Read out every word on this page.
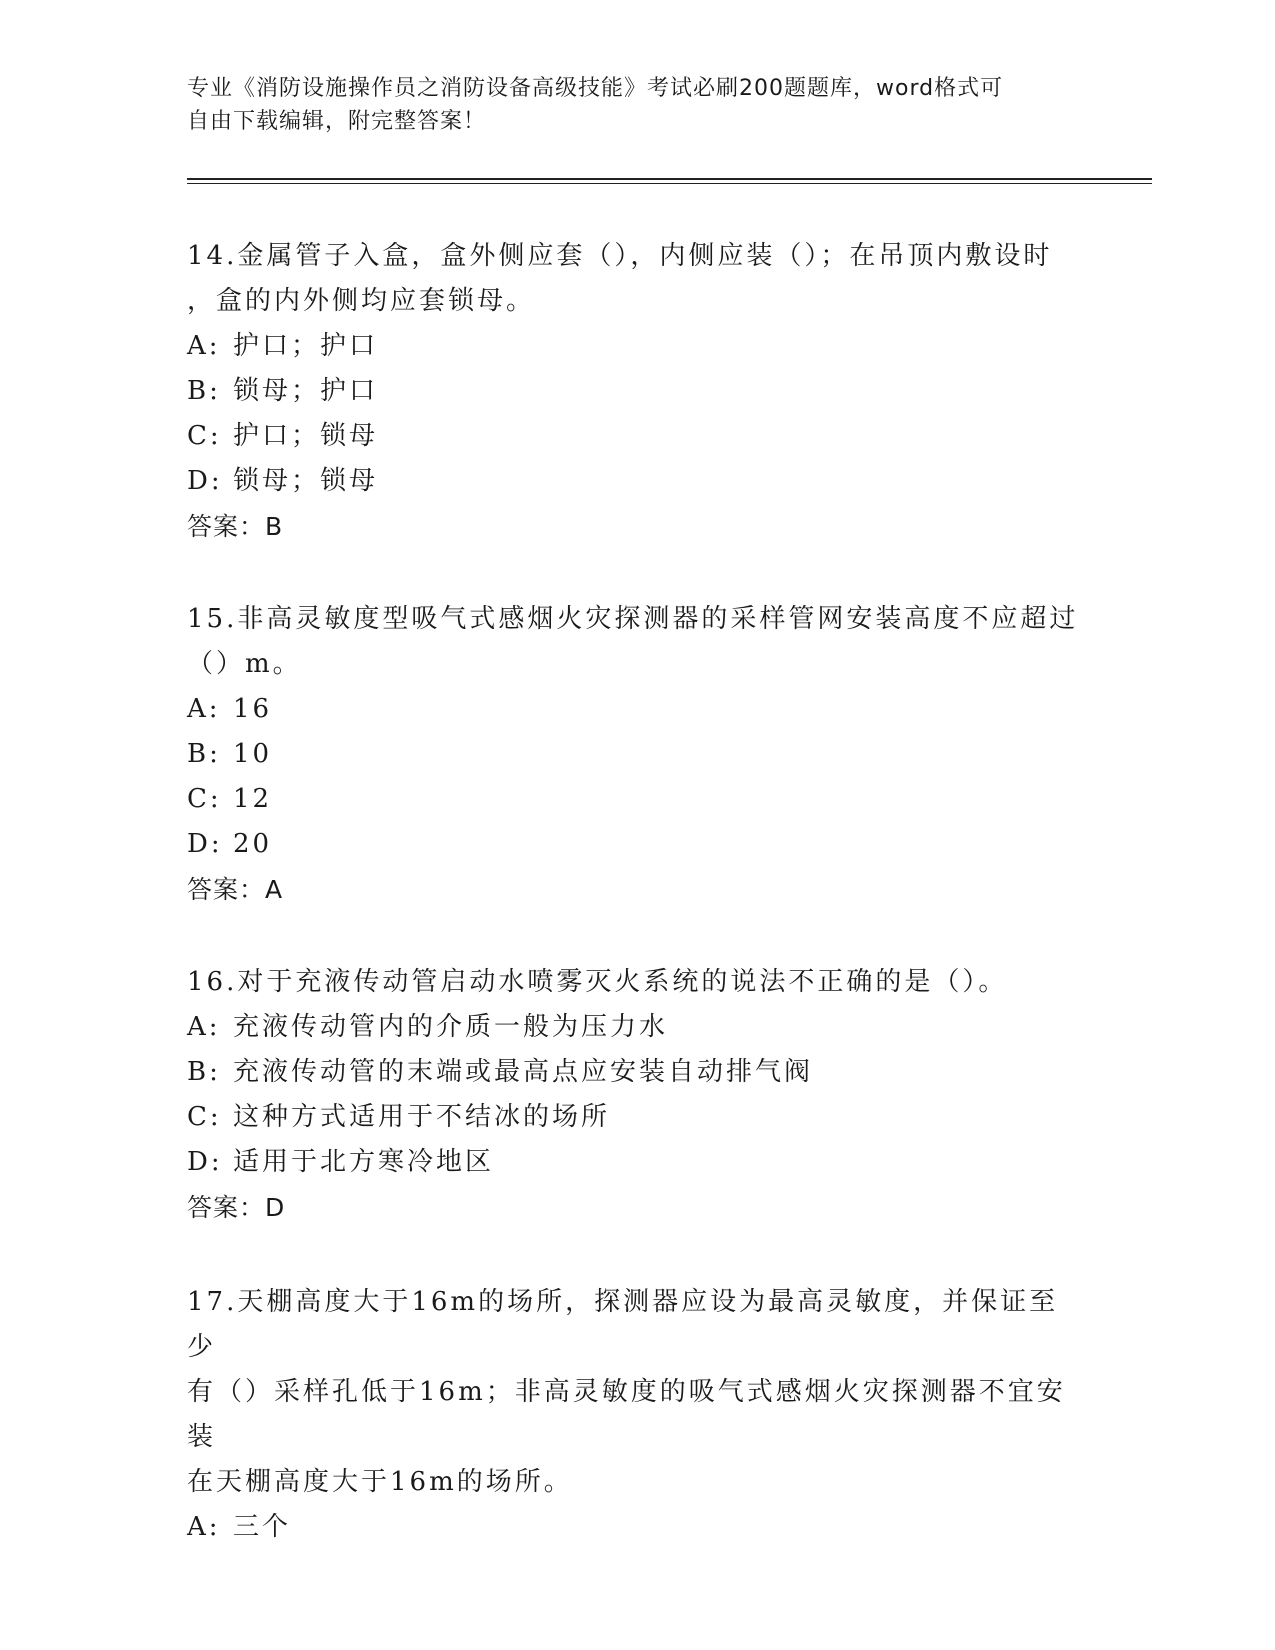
专业《消防设施操作员之消防设备高级技能》考试必刷200题题库，word格式可
自由下载编辑，附完整答案！

14.金属管子入盒，盒外侧应套（），内侧应装（）；在吊顶内敷设时

，盒的内外侧均应套锁母。

A: 护口；护口

B: 锁母；护口

C: 护口；锁母

D: 锁母；锁母

答案：B

15.非高灵敏度型吸气式感烟火灾探测器的采样管网安装高度不应超过

（）m。

A: 16

B: 10

C: 12

D: 20

答案：A

16.对于充液传动管启动水喷雾灭火系统的说法不正确的是（）。

A: 充液传动管内的介质一般为压力水

B: 充液传动管的末端或最高点应安装自动排气阀

C: 这种方式适用于不结冰的场所

D: 适用于北方寒冷地区

答案：D

17.天棚高度大于16m的场所，探测器应设为最高灵敏度，并保证至少

有（）采样孔低于16m；非高灵敏度的吸气式感烟火灾探测器不宜安装

在天棚高度大于16m的场所。

A: 三个
